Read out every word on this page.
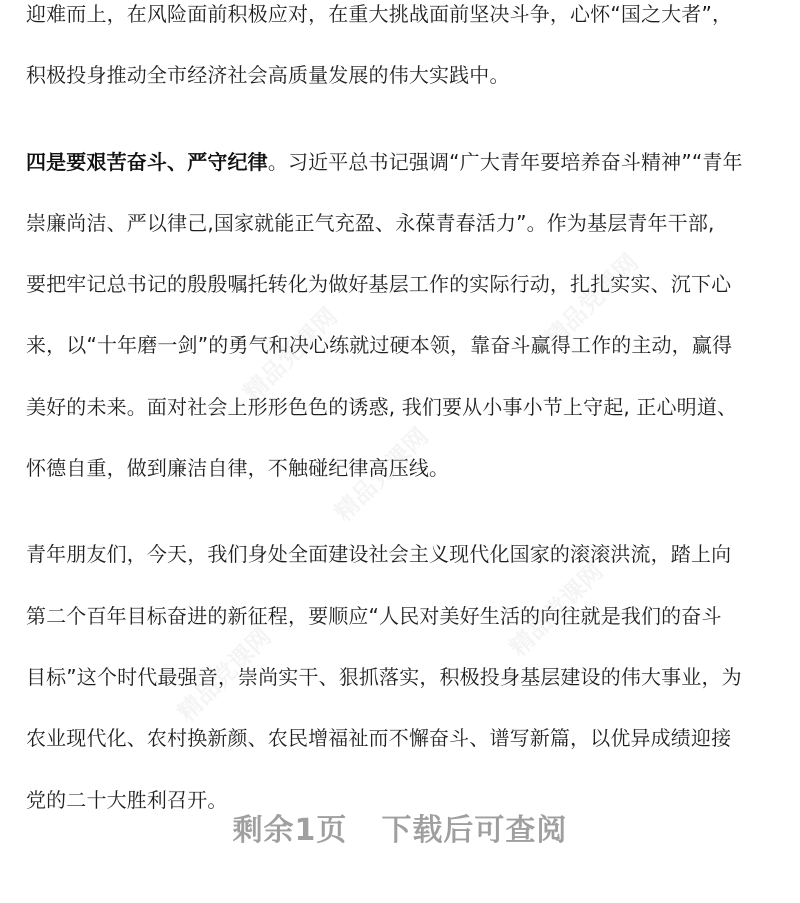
精品党课网
精品党课网
精品党课网
精品党课网
精品党课网

迎难而上，在风险面前积极应对，在重大挑战面前坚决斗争，心怀“国之大者”，
积极投身推动全市经济社会高质量发展的伟大实践中。

四是要艰苦奋斗、严守纪律。习近平总书记强调“广大青年要培养奋斗精神”“青年
崇廉尚洁、严以律己,国家就能正气充盈、永葆青春活力”。作为基层青年干部,
要把牢记总书记的殷殷嘱托转化为做好基层工作的实际行动，扎扎实实、沉下心
来，以“十年磨一剑”的勇气和决心练就过硬本领，靠奋斗赢得工作的主动，赢得
美好的未来。面对社会上形形色色的诱惑, 我们要从小事小节上守起, 正心明道、
怀德自重，做到廉洁自律，不触碰纪律高压线。

青年朋友们，今天，我们身处全面建设社会主义现代化国家的滚滚洪流，踏上向
第二个百年目标奋进的新征程，要顺应“人民对美好生活的向往就是我们的奋斗
目标”这个时代最强音，崇尚实干、狠抓落实，积极投身基层建设的伟大事业，为
农业现代化、农村换新颜、农民增福祉而不懈奋斗、谱写新篇，以优异成绩迎接
党的二十大胜利召开。

剩余1页 下载后可查阅
